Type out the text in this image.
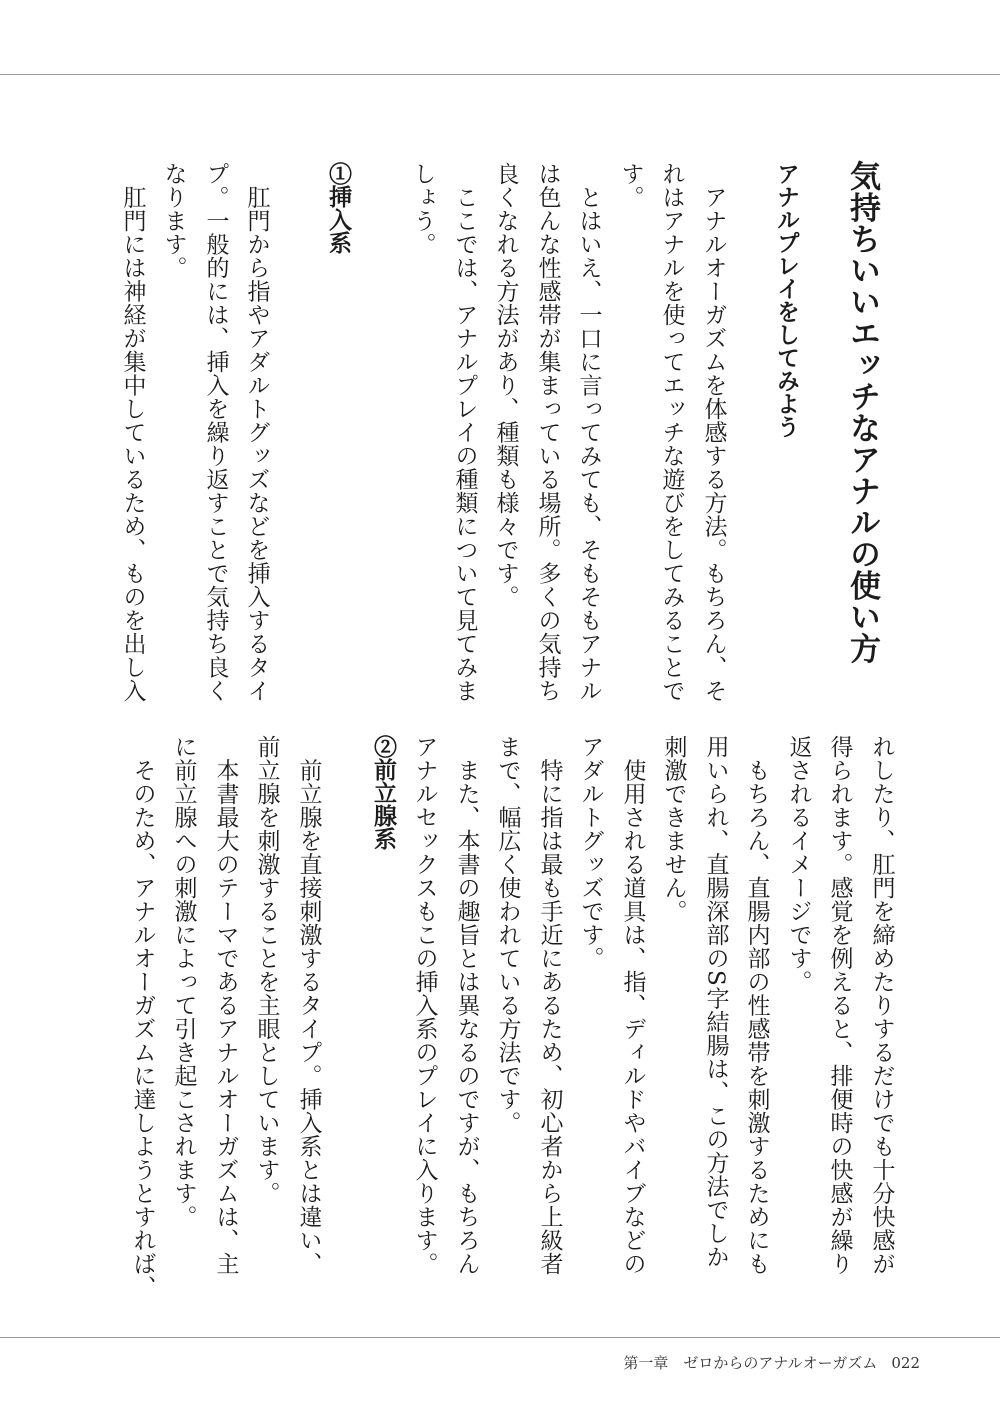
気持ちいいエッチなアナルの使い方

アナルプレイをしてみよう

　アナルオーガズムを体感する方法。もちろん、そ

れはアナルを使ってエッチな遊びをしてみることで

す。

　とはいえ、一口に言ってみても、そもそもアナル

は色んな性感帯が集まっている場所。多くの気持ち

良くなれる方法があり、種類も様々です。

　ここでは、アナルプレイの種類について見てみま

しょう。

①挿入系

　肛門から指やアダルトグッズなどを挿入するタイ

プ。一般的には、挿入を繰り返すことで気持ち良く

なります。

　肛門には神経が集中しているため、ものを出し入

れしたり、肛門を締めたりするだけでも十分快感が

得られます。感覚を例えると、排便時の快感が繰り

返されるイメージです。

　もちろん、直腸内部の性感帯を刺激するためにも

用いられ、直腸深部のS字結腸は、この方法でしか

刺激できません。

　使用される道具は、指、ディルドやバイブなどの

アダルトグッズです。

　特に指は最も手近にあるため、初心者から上級者

まで、幅広く使われている方法です。

　また、本書の趣旨とは異なるのですが、もちろん

アナルセックスもこの挿入系のプレイに入ります。

②前立腺系

　前立腺を直接刺激するタイプ。挿入系とは違い、

前立腺を刺激することを主眼としています。

　本書最大のテーマであるアナルオーガズムは、主

に前立腺への刺激によって引き起こされます。

　そのため、アナルオーガズムに達しようとすれば、

第一章　ゼロからのアナルオーガズム 022
